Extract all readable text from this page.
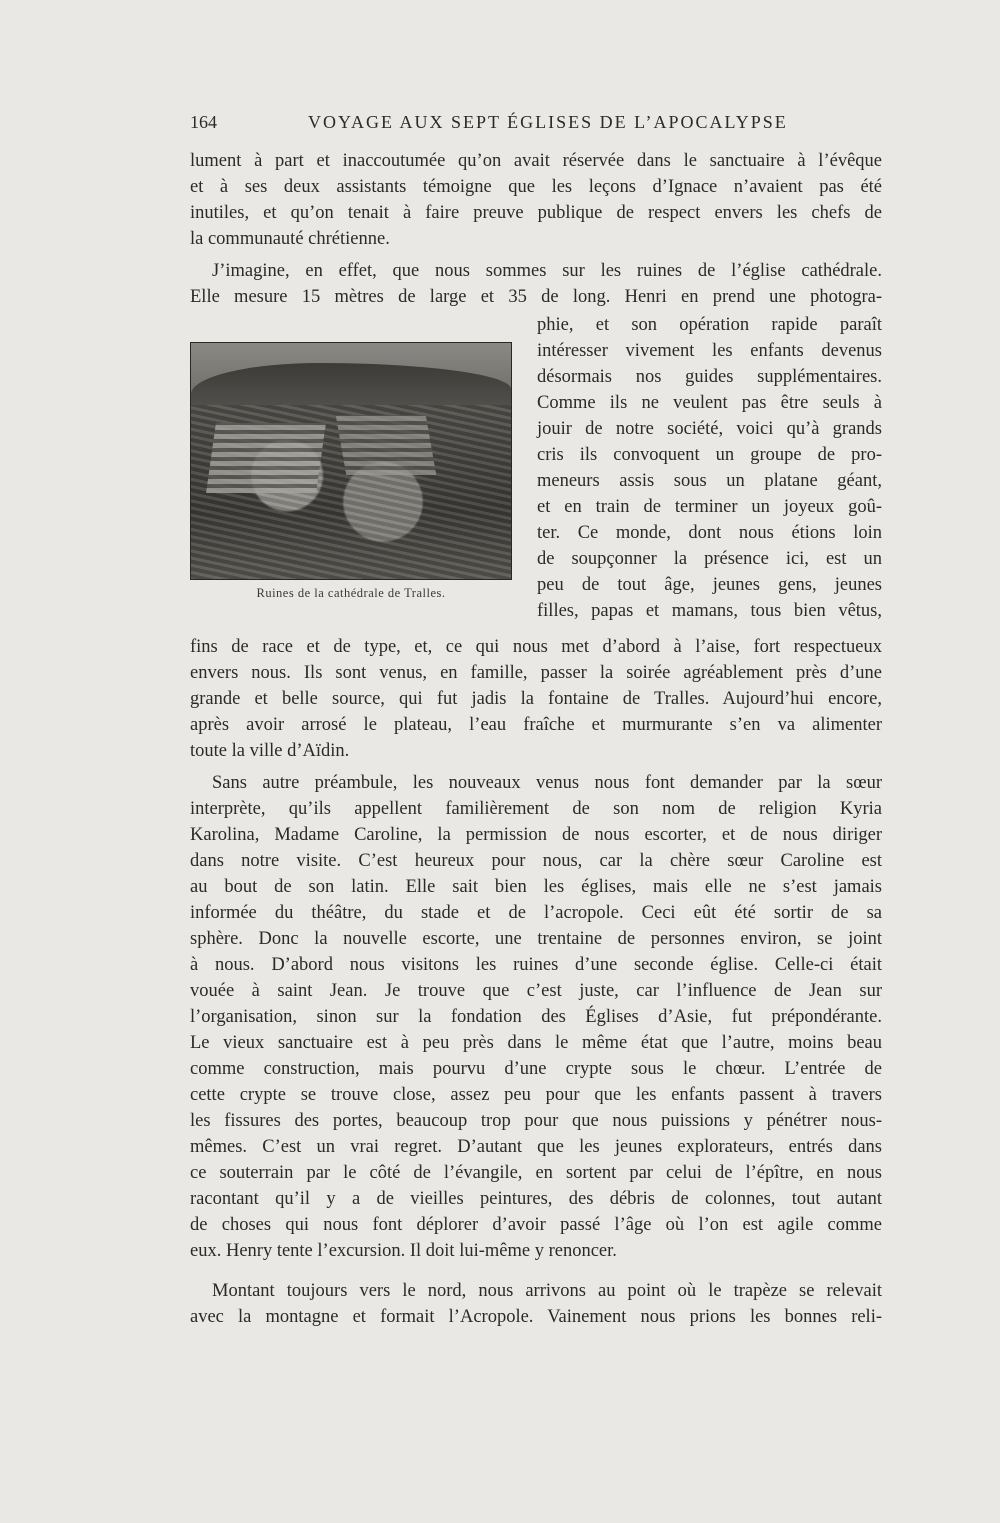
164	VOYAGE AUX SEPT ÉGLISES DE L’APOCALYPSE
lument à part et inaccoutumée qu’on avait réservée dans le sanctuaire à l’évêque
et à ses deux assistants témoigne que les leçons d’Ignace n’avaient pas été
inutiles, et qu’on tenait à faire preuve publique de respect envers les chefs de
la communauté chrétienne.
J’imagine, en effet, que nous sommes sur les ruines de l’église cathédrale.
Elle mesure 15 mètres de large et 35 de long. Henri en prend une photogra-
Ruines de la cathédrale de Tralles.
phie, et son opération rapide paraît
intéresser vivement les enfants devenus
désormais nos guides supplémentaires.
Comme ils ne veulent pas être seuls à
jouir de notre société, voici qu’à grands
cris ils convoquent un groupe de pro-
meneurs assis sous un platane géant,
et en train de terminer un joyeux goû-
ter. Ce monde, dont nous étions loin
de soupçonner la présence ici, est un
peu de tout âge, jeunes gens, jeunes
filles, papas et mamans, tous bien vêtus,
fins de race et de type, et, ce qui nous met d’abord à l’aise, fort respectueux
envers nous. Ils sont venus, en famille, passer la soirée agréablement près d’une
grande et belle source, qui fut jadis la fontaine de Tralles. Aujourd’hui encore,
après avoir arrosé le plateau, l’eau fraîche et murmurante s’en va alimenter
toute la ville d’Aïdin.
Sans autre préambule, les nouveaux venus nous font demander par la sœur
interprète, qu’ils appellent familièrement de son nom de religion Kyria
Karolina, Madame Caroline, la permission de nous escorter, et de nous diriger
dans notre visite. C’est heureux pour nous, car la chère sœur Caroline est
au bout de son latin. Elle sait bien les églises, mais elle ne s’est jamais
informée du théâtre, du stade et de l’acropole. Ceci eût été sortir de sa
sphère. Donc la nouvelle escorte, une trentaine de personnes environ, se joint
à nous. D’abord nous visitons les ruines d’une seconde église. Celle-ci était
vouée à saint Jean. Je trouve que c’est juste, car l’influence de Jean sur
l’organisation, sinon sur la fondation des Églises d’Asie, fut prépondérante.
Le vieux sanctuaire est à peu près dans le même état que l’autre, moins beau
comme construction, mais pourvu d’une crypte sous le chœur. L’entrée de
cette crypte se trouve close, assez peu pour que les enfants passent à travers
les fissures des portes, beaucoup trop pour que nous puissions y pénétrer nous-
mêmes. C’est un vrai regret. D’autant que les jeunes explorateurs, entrés dans
ce souterrain par le côté de l’évangile, en sortent par celui de l’épître, en nous
racontant qu’il y a de vieilles peintures, des débris de colonnes, tout autant
de choses qui nous font déplorer d’avoir passé l’âge où l’on est agile comme
eux. Henry tente l’excursion. Il doit lui-même y renoncer.
Montant toujours vers le nord, nous arrivons au point où le trapèze se relevait
avec la montagne et formait l’Acropole. Vainement nous prions les bonnes reli-
